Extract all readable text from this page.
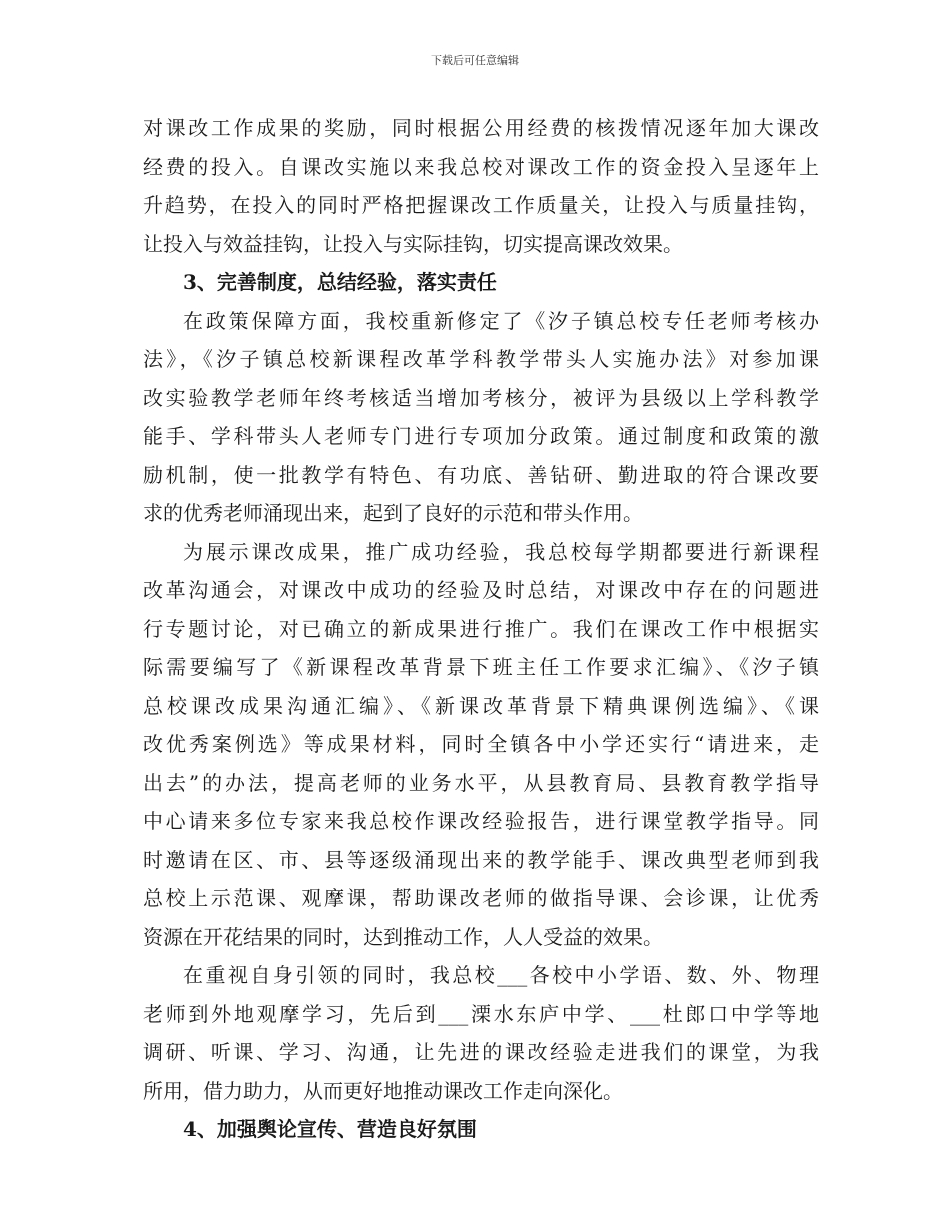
下载后可任意编辑
对课改工作成果的奖励，同时根据公用经费的核拨情况逐年加大课改
经费的投入。自课改实施以来我总校对课改工作的资金投入呈逐年上
升趋势，在投入的同时严格把握课改工作质量关，让投入与质量挂钩，
让投入与效益挂钩，让投入与实际挂钩，切实提高课改效果。
3、完善制度，总结经验，落实责任
在政策保障方面，我校重新修定了《汐子镇总校专任老师考核办
法》，《汐子镇总校新课程改革学科教学带头人实施办法》对参加课
改实验教学老师年终考核适当增加考核分，被评为县级以上学科教学
能手、学科带头人老师专门进行专项加分政策。通过制度和政策的激
励机制，使一批教学有特色、有功底、善钻研、勤进取的符合课改要
求的优秀老师涌现出来，起到了良好的示范和带头作用。
为展示课改成果，推广成功经验，我总校每学期都要进行新课程
改革沟通会，对课改中成功的经验及时总结，对课改中存在的问题进
行专题讨论，对已确立的新成果进行推广。我们在课改工作中根据实
际需要编写了《新课程改革背景下班主任工作要求汇编》、《汐子镇
总校课改成果沟通汇编》、《新课改革背景下精典课例选编》、《课
改优秀案例选》等成果材料，同时全镇各中小学还实行“请进来，走
出去”的办法，提高老师的业务水平，从县教育局、县教育教学指导
中心请来多位专家来我总校作课改经验报告，进行课堂教学指导。同
时邀请在区、市、县等逐级涌现出来的教学能手、课改典型老师到我
总校上示范课、观摩课，帮助课改老师的做指导课、会诊课，让优秀
资源在开花结果的同时，达到推动工作，人人受益的效果。
在重视自身引领的同时，我总校___各校中小学语、数、外、物理
老师到外地观摩学习，先后到___溧水东庐中学、___杜郎口中学等地
调研、听课、学习、沟通，让先进的课改经验走进我们的课堂，为我
所用，借力助力，从而更好地推动课改工作走向深化。
4、加强舆论宣传、营造良好氛围
